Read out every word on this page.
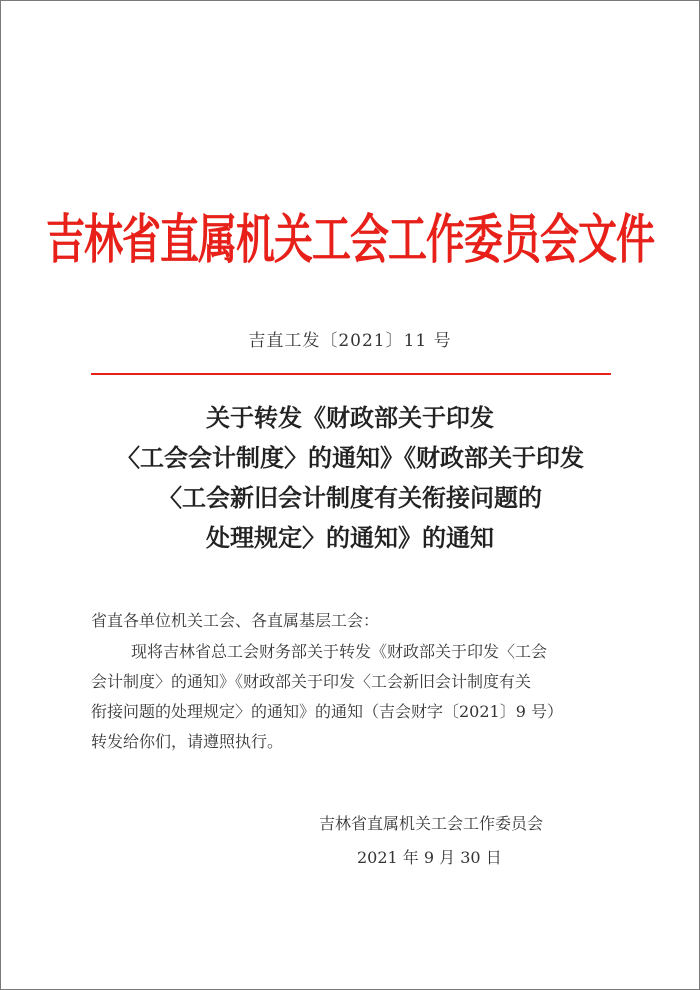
吉林省直属机关工会工作委员会文件
吉直工发〔2021〕11 号
关于转发《财政部关于印发
〈工会会计制度〉的通知》《财政部关于印发
〈工会新旧会计制度有关衔接问题的
处理规定〉的通知》的通知
省直各单位机关工会、各直属基层工会：
现将吉林省总工会财务部关于转发《财政部关于印发〈工会
会计制度〉的通知》《财政部关于印发〈工会新旧会计制度有关
衔接问题的处理规定〉的通知》的通知（吉会财字〔2021〕9 号）
转发给你们，请遵照执行。
吉林省直属机关工会工作委员会
2021 年 9 月 30 日
